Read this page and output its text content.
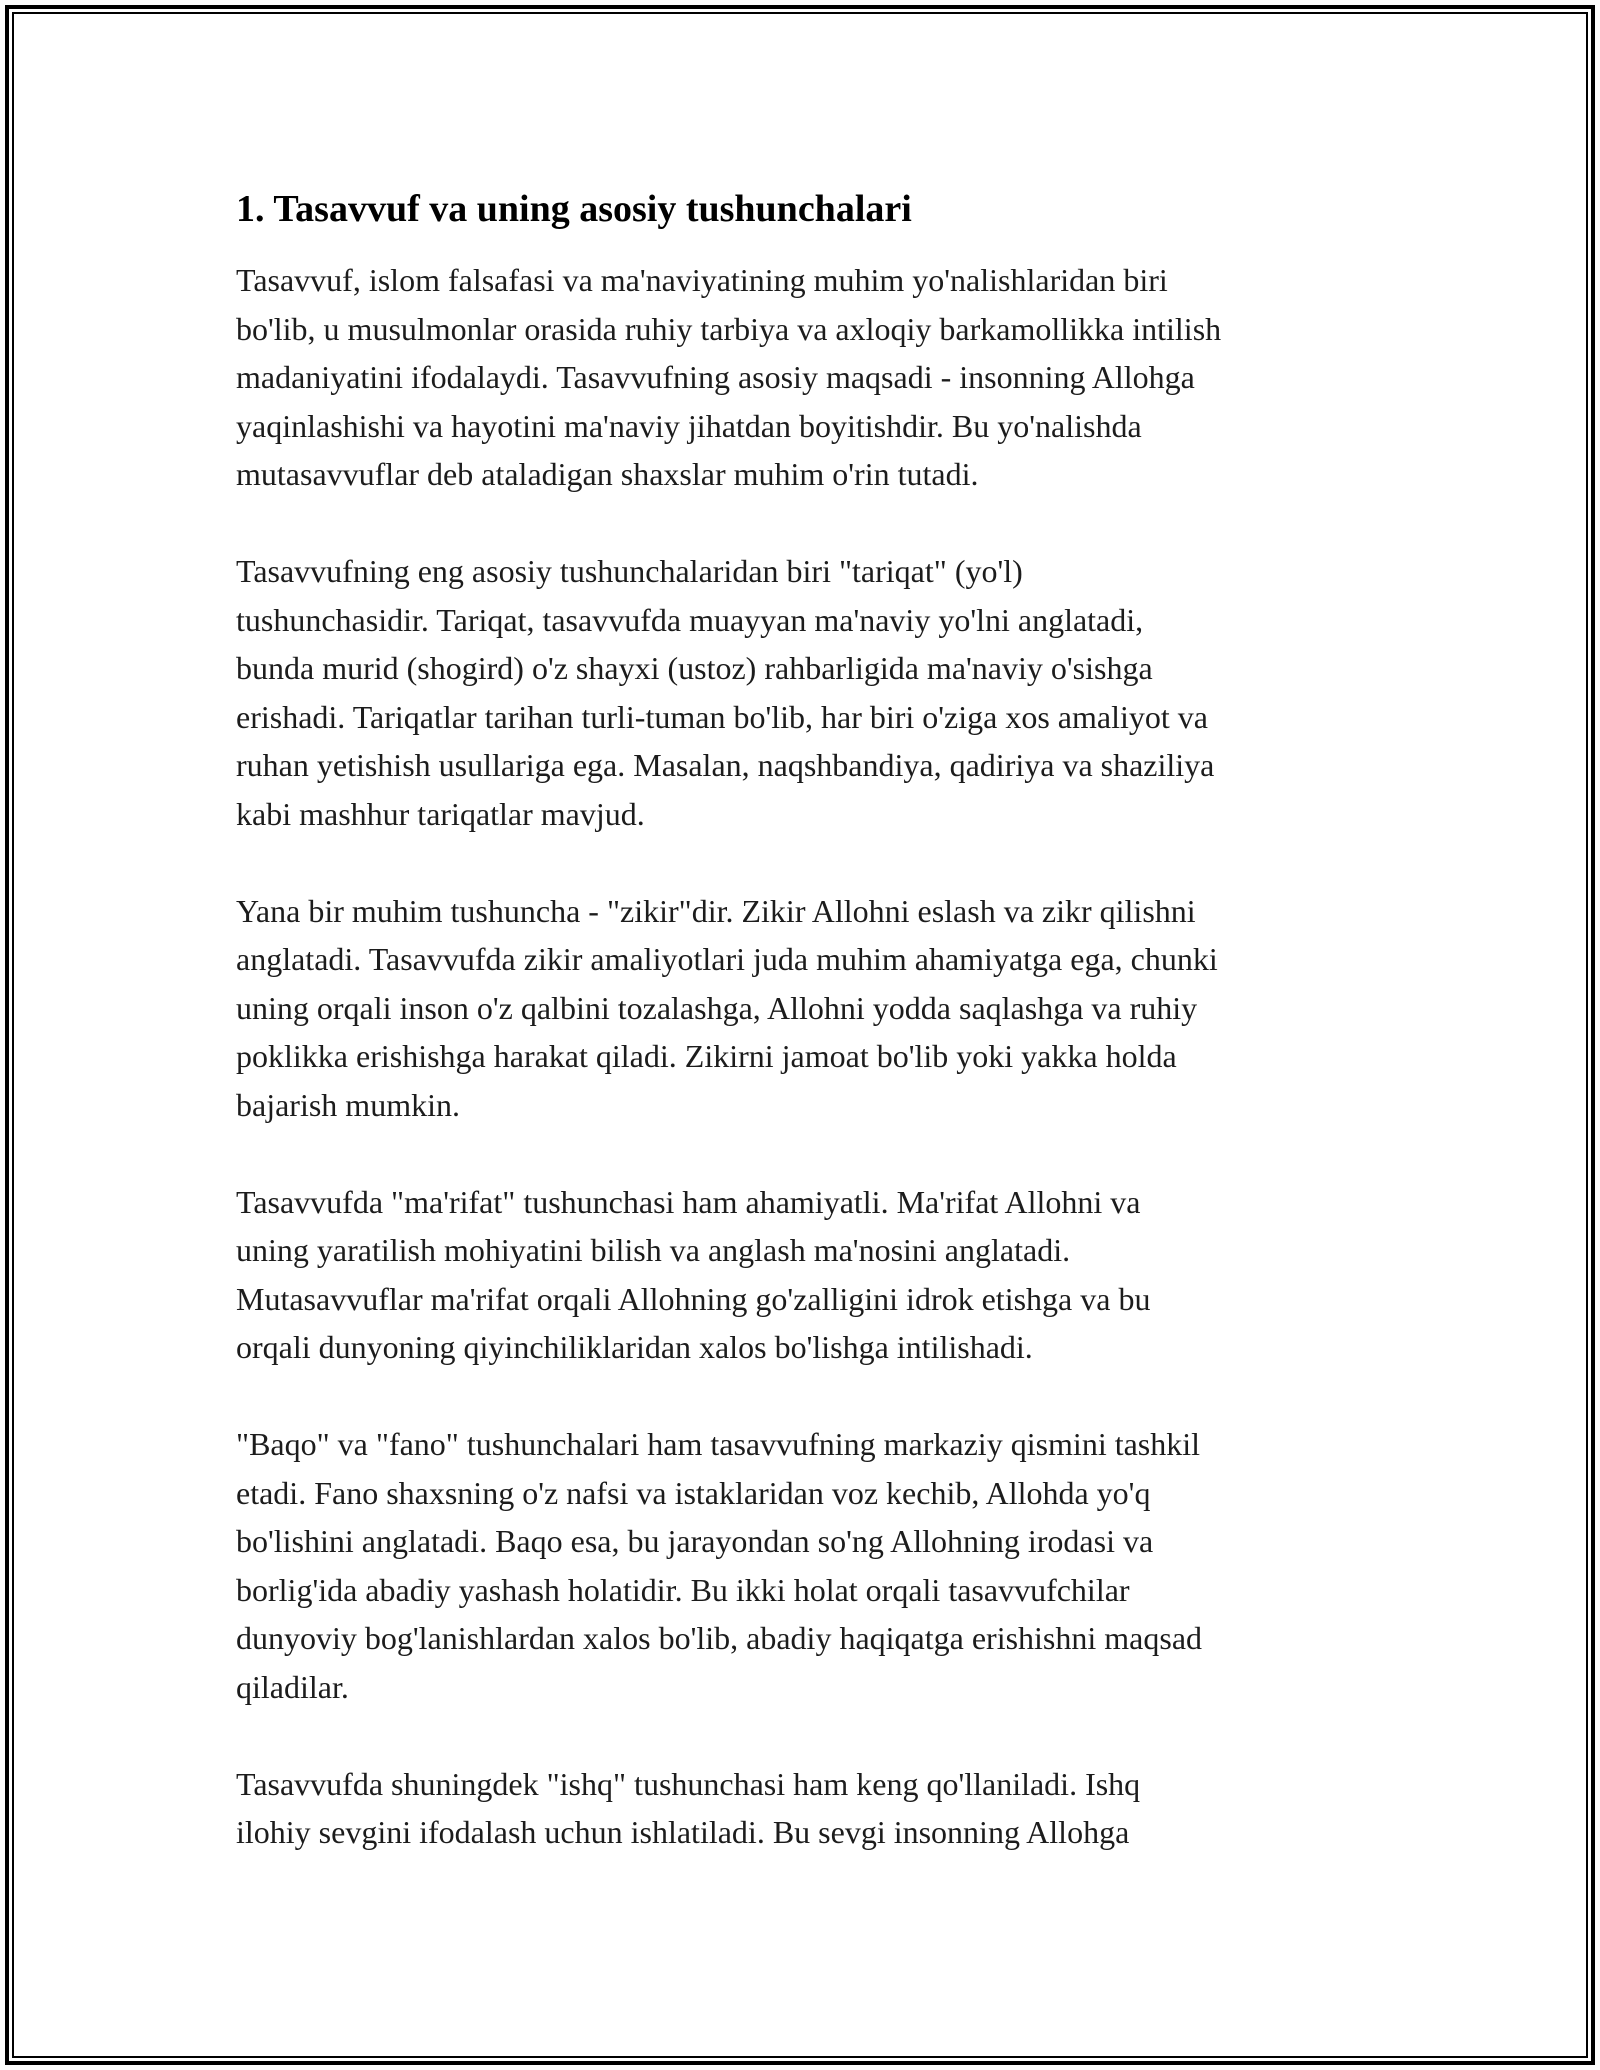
1. Tasavvuf va uning asosiy tushunchalari

Tasavvuf, islom falsafasi va ma'naviyatining muhim yo'nalishlaridan biri
bo'lib, u musulmonlar orasida ruhiy tarbiya va axloqiy barkamollikka intilish
madaniyatini ifodalaydi. Tasavvufning asosiy maqsadi - insonning Allohga
yaqinlashishi va hayotini ma'naviy jihatdan boyitishdir. Bu yo'nalishda
mutasavvuflar deb ataladigan shaxslar muhim o'rin tutadi.

Tasavvufning eng asosiy tushunchalaridan biri "tariqat" (yo'l)
tushunchasidir. Tariqat, tasavvufda muayyan ma'naviy yo'lni anglatadi,
bunda murid (shogird) o'z shayxi (ustoz) rahbarligida ma'naviy o'sishga
erishadi. Tariqatlar tarihan turli-tuman bo'lib, har biri o'ziga xos amaliyot va
ruhan yetishish usullariga ega. Masalan, naqshbandiya, qadiriya va shaziliya
kabi mashhur tariqatlar mavjud.

Yana bir muhim tushuncha - "zikir"dir. Zikir Allohni eslash va zikr qilishni
anglatadi. Tasavvufda zikir amaliyotlari juda muhim ahamiyatga ega, chunki
uning orqali inson o'z qalbini tozalashga, Allohni yodda saqlashga va ruhiy
poklikka erishishga harakat qiladi. Zikirni jamoat bo'lib yoki yakka holda
bajarish mumkin.

Tasavvufda "ma'rifat" tushunchasi ham ahamiyatli. Ma'rifat Allohni va
uning yaratilish mohiyatini bilish va anglash ma'nosini anglatadi.
Mutasavvuflar ma'rifat orqali Allohning go'zalligini idrok etishga va bu
orqali dunyoning qiyinchiliklaridan xalos bo'lishga intilishadi.

"Baqo" va "fano" tushunchalari ham tasavvufning markaziy qismini tashkil
etadi. Fano shaxsning o'z nafsi va istaklaridan voz kechib, Allohda yo'q
bo'lishini anglatadi. Baqo esa, bu jarayondan so'ng Allohning irodasi va
borlig'ida abadiy yashash holatidir. Bu ikki holat orqali tasavvufchilar
dunyoviy bog'lanishlardan xalos bo'lib, abadiy haqiqatga erishishni maqsad
qiladilar.

Tasavvufda shuningdek "ishq" tushunchasi ham keng qo'llaniladi. Ishq
ilohiy sevgini ifodalash uchun ishlatiladi. Bu sevgi insonning Allohga
